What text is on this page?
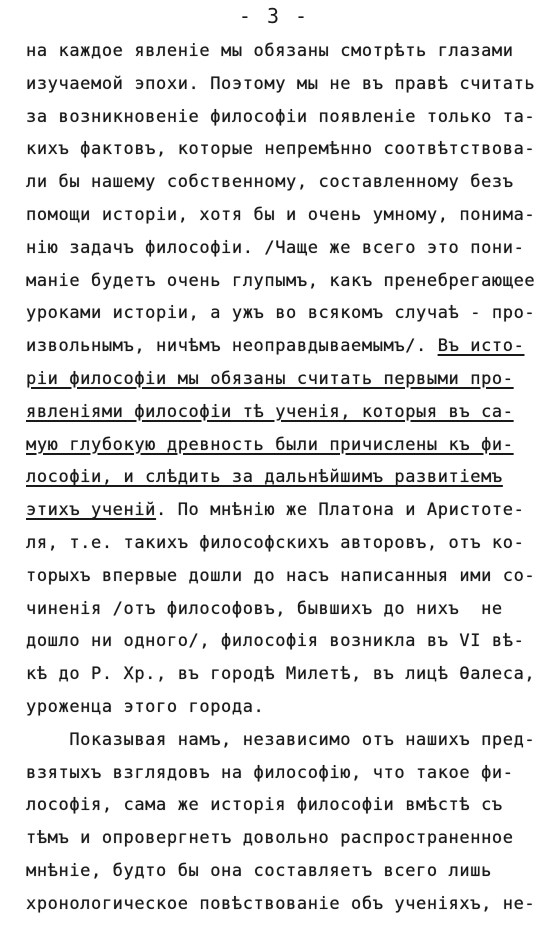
- 3 -
на каждое явленіе мы обязаны смотрѣть глазами
изучаемой эпохи. Поэтому мы не въ правѣ считать
за возникновеніе философіи появленіе только та-
кихъ фактовъ, которые непремѣнно соотвѣтствова-
ли бы нашему собственному, составленному безъ
помощи исторіи, хотя бы и очень умному, понима-
нію задачъ философіи. /Чаще же всего это пони-
маніе будетъ очень глупымъ, какъ пренебрегающее
уроками исторіи, а ужъ во всякомъ случаѣ - про-
извольнымъ, ничѣмъ неоправдываемымъ/. Въ исто-
ріи философіи мы обязаны считать первыми про-
явленіями философіи тѣ ученія, которыя въ са-
мую глубокую древность были причислены къ фи-
лософіи, и слѣдить за дальнѣйшимъ развитіемъ
этихъ ученій. По мнѣнію же Платона и Аристоте-
ля, т.е. такихъ философскихъ авторовъ, отъ ко-
торыхъ впервые дошли до насъ написанныя ими со-
чиненія /отъ философовъ, бывшихъ до нихъ  не
дошло ни одного/, философія возникла въ VI вѣ-
кѣ до Р. Хр., въ городѣ Милетѣ, въ лицѣ Ѳалеса,
уроженца этого города.
Показывая намъ, независимо отъ нашихъ пред-
взятыхъ взглядовъ на философію, что такое фи-
лософія, сама же исторія философіи вмѣстѣ съ
тѣмъ и опровергнетъ довольно распространенное
мнѣніе, будто бы она составляетъ всего лишь
хронологическое повѣствованіе объ ученіяхъ, не-
